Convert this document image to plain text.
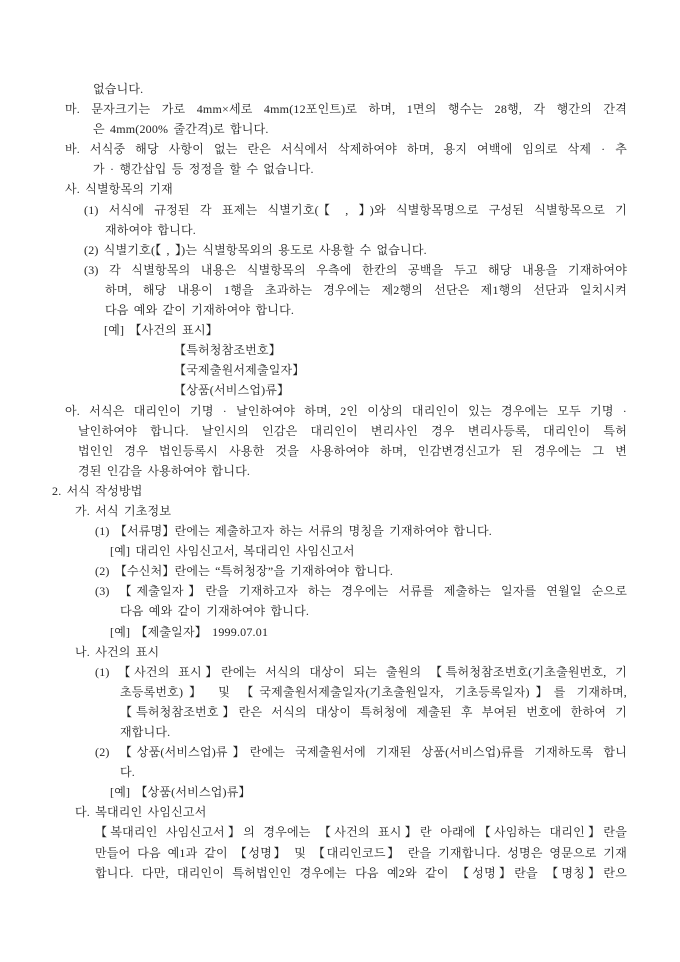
없습니다.
마. 문자크기는 가로 4mm×세로 4mm(12포인트)로 하며, 1면의 행수는 28행, 각 행간의 간격
은 4mm(200% 줄간격)로 합니다.
바. 서식중 해당 사항이 없는 란은 서식에서 삭제하여야 하며, 용지 여백에 임의로 삭제 · 추
가 · 행간삽입 등 정정을 할 수 없습니다.
사. 식별항목의 기재
(1) 서식에 규정된 각 표제는 식별기호(【 , 】)와 식별항목명으로 구성된 식별항목으로 기
재하여야 합니다.
(2) 식별기호(【 , 】)는 식별항목외의 용도로 사용할 수 없습니다.
(3) 각 식별항목의 내용은 식별항목의 우측에 한칸의 공백을 두고 해당 내용을 기재하여야
하며, 해당 내용이 1행을 초과하는 경우에는 제2행의 선단은 제1행의 선단과 일치시켜
다음 예와 같이 기재하여야 합니다.
[예] 【사건의 표시】
【특허청참조번호】
【국제출원서제출일자】
【상품(서비스업)류】
아. 서식은 대리인이 기명 · 날인하여야 하며, 2인 이상의 대리인이 있는 경우에는 모두 기명 ·
날인하여야 합니다. 날인시의 인감은 대리인이 변리사인 경우 변리사등록, 대리인이 특허
법인인 경우 법인등록시 사용한 것을 사용하여야 하며, 인감변경신고가 된 경우에는 그 변
경된 인감을 사용하여야 합니다.
2. 서식 작성방법
가. 서식 기초정보
(1) 【서류명】란에는 제출하고자 하는 서류의 명칭을 기재하여야 합니다.
[예] 대리인 사임신고서, 복대리인 사임신고서
(2) 【수신처】란에는 “특허청장”을 기재하여야 합니다.
(3) 【제출일자】란을 기재하고자 하는 경우에는 서류를 제출하는 일자를 연월일 순으로
다음 예와 같이 기재하여야 합니다.
[예] 【제출일자】 1999.07.01
나. 사건의 표시
(1) 【사건의 표시】란에는 서식의 대상이 되는 출원의 【특허청참조번호(기초출원번호, 기
초등록번호)】 및 【국제출원서제출일자(기초출원일자, 기초등록일자)】를 기재하며,
【특허청참조번호】란은 서식의 대상이 특허청에 제출된 후 부여된 번호에 한하여 기
재합니다.
(2) 【상품(서비스업)류】란에는 국제출원서에 기재된 상품(서비스업)류를 기재하도록 합니
다.
[예] 【상품(서비스업)류】
다. 복대리인 사임신고서
【복대리인 사임신고서】의 경우에는 【사건의 표시】란 아래에【사임하는 대리인】란을
만들어 다음 예1과 같이 【성명】 및 【대리인코드】 란을 기재합니다. 성명은 영문으로 기재
합니다. 다만, 대리인이 특허법인인 경우에는 다음 예2와 같이 【성명】란을 【명칭】란으
